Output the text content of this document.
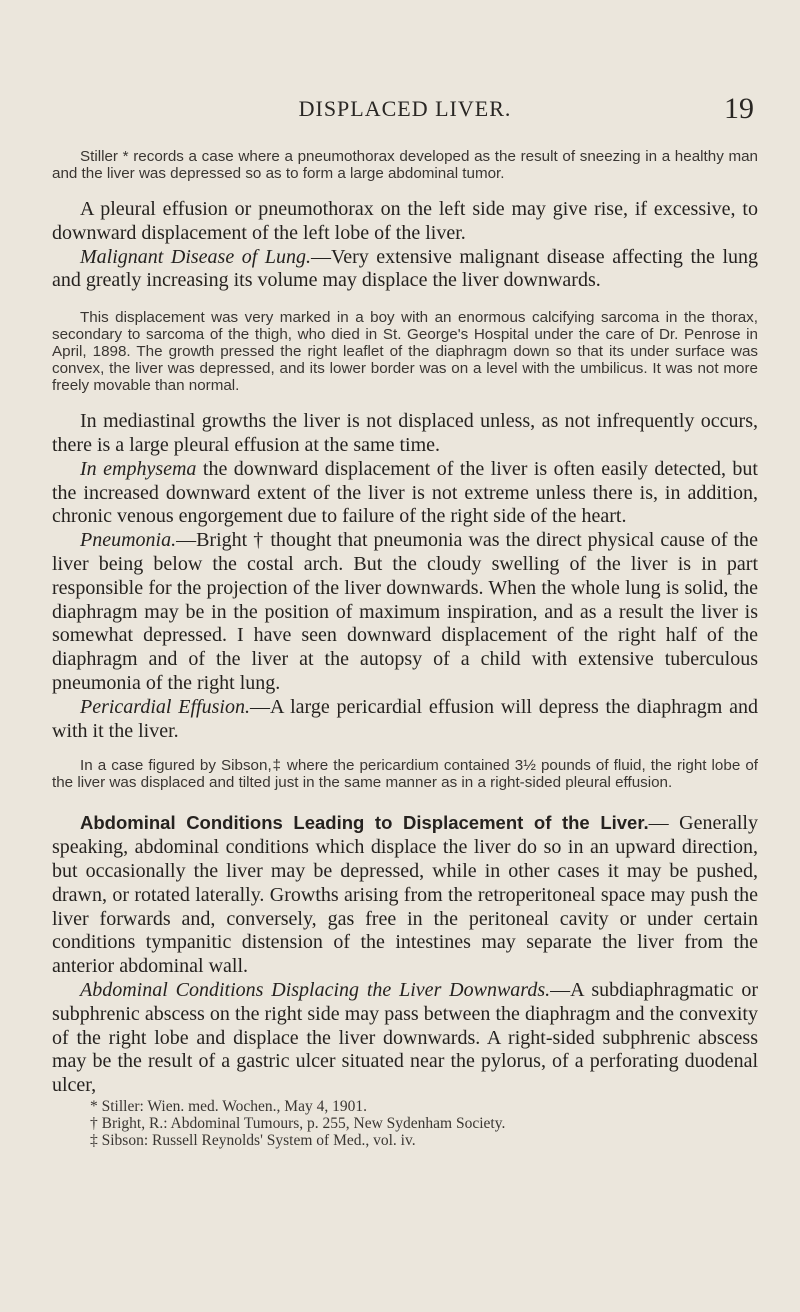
DISPLACED LIVER.	19

Stiller * records a case where a pneumothorax developed as the result of sneezing in a healthy man and the liver was depressed so as to form a large abdominal tumor.

A pleural effusion or pneumothorax on the left side may give rise, if excessive, to downward displacement of the left lobe of the liver.

Malignant Disease of Lung.—Very extensive malignant disease affecting the lung and greatly increasing its volume may displace the liver downwards.

This displacement was very marked in a boy with an enormous calcifying sarcoma in the thorax, secondary to sarcoma of the thigh, who died in St. George's Hospital under the care of Dr. Penrose in April, 1898. The growth pressed the right leaflet of the diaphragm down so that its under surface was convex, the liver was depressed, and its lower border was on a level with the umbilicus. It was not more freely movable than normal.

In mediastinal growths the liver is not displaced unless, as not infrequently occurs, there is a large pleural effusion at the same time.

In emphysema the downward displacement of the liver is often easily detected, but the increased downward extent of the liver is not extreme unless there is, in addition, chronic venous engorgement due to failure of the right side of the heart.

Pneumonia.—Bright † thought that pneumonia was the direct physical cause of the liver being below the costal arch. But the cloudy swelling of the liver is in part responsible for the projection of the liver downwards. When the whole lung is solid, the diaphragm may be in the position of maximum inspiration, and as a result the liver is somewhat depressed. I have seen downward displacement of the right half of the diaphragm and of the liver at the autopsy of a child with extensive tuberculous pneumonia of the right lung.

Pericardial Effusion.—A large pericardial effusion will depress the diaphragm and with it the liver.

In a case figured by Sibson,‡ where the pericardium contained 3½ pounds of fluid, the right lobe of the liver was displaced and tilted just in the same manner as in a right-sided pleural effusion.

Abdominal Conditions Leading to Displacement of the Liver.— Generally speaking, abdominal conditions which displace the liver do so in an upward direction, but occasionally the liver may be depressed, while in other cases it may be pushed, drawn, or rotated laterally. Growths arising from the retroperitoneal space may push the liver forwards and, conversely, gas free in the peritoneal cavity or under certain conditions tympanitic distension of the intestines may separate the liver from the anterior abdominal wall.

Abdominal Conditions Displacing the Liver Downwards.—A subdiaphragmatic or subphrenic abscess on the right side may pass between the diaphragm and the convexity of the right lobe and displace the liver downwards. A right-sided subphrenic abscess may be the result of a gastric ulcer situated near the pylorus, of a perforating duodenal ulcer,

* Stiller: Wien. med. Wochen., May 4, 1901.
† Bright, R.: Abdominal Tumours, p. 255, New Sydenham Society.
‡ Sibson: Russell Reynolds' System of Med., vol. iv.
